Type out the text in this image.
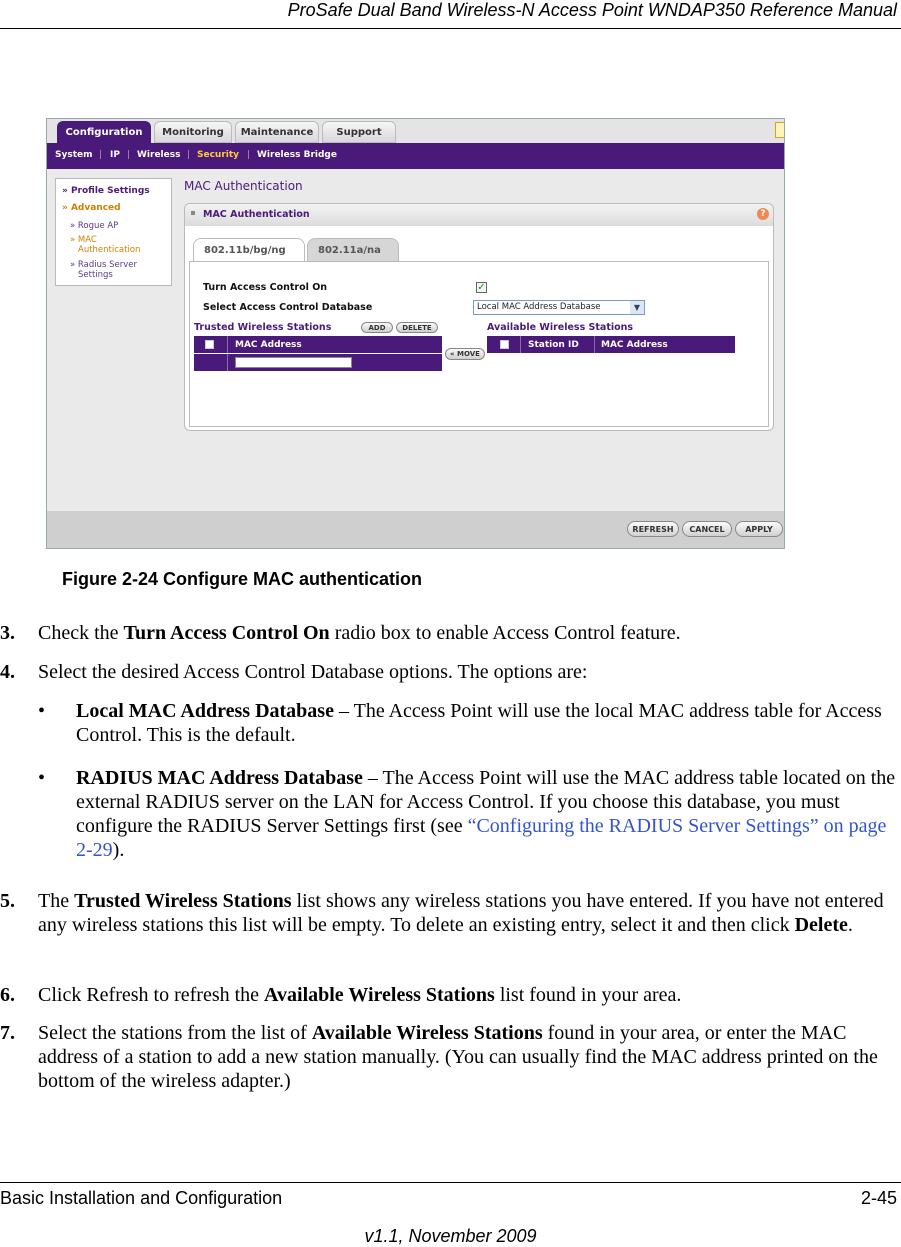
ProSafe Dual Band Wireless-N Access Point WNDAP350 Reference Manual
Configuration	Monitoring	Maintenance	Support
System | IP | Wireless | Security | Wireless Bridge
» Profile Settings
» Advanced
» Rogue AP
» MAC
Authentication
» Radius Server
Settings
MAC Authentication
MAC Authentication	?
802.11b/bg/ng	802.11a/na
Turn Access Control On	✓
Select Access Control Database	Local MAC Address Database	▼
Trusted Wireless Stations	ADD	DELETE
MAC Address
« MOVE
Available Wireless Stations
Station ID MAC Address
REFRESH	CANCEL	APPLY
Figure 2-24 Configure MAC authentication
3. Check the Turn Access Control On radio box to enable Access Control feature.
4. Select the desired Access Control Database options. The options are:
• Local MAC Address Database – The Access Point will use the local MAC address table for Access Control. This is the default.
• RADIUS MAC Address Database – The Access Point will use the MAC address table located on the external RADIUS server on the LAN for Access Control. If you choose this database, you must configure the RADIUS Server Settings first (see “Configuring the RADIUS Server Settings” on page 2-29).
5. The Trusted Wireless Stations list shows any wireless stations you have entered. If you have not entered any wireless stations this list will be empty. To delete an existing entry, select it and then click Delete.
6. Click Refresh to refresh the Available Wireless Stations list found in your area.
7. Select the stations from the list of Available Wireless Stations found in your area, or enter the MAC address of a station to add a new station manually. (You can usually find the MAC address printed on the bottom of the wireless adapter.)
Basic Installation and Configuration	2-45
v1.1, November 2009
